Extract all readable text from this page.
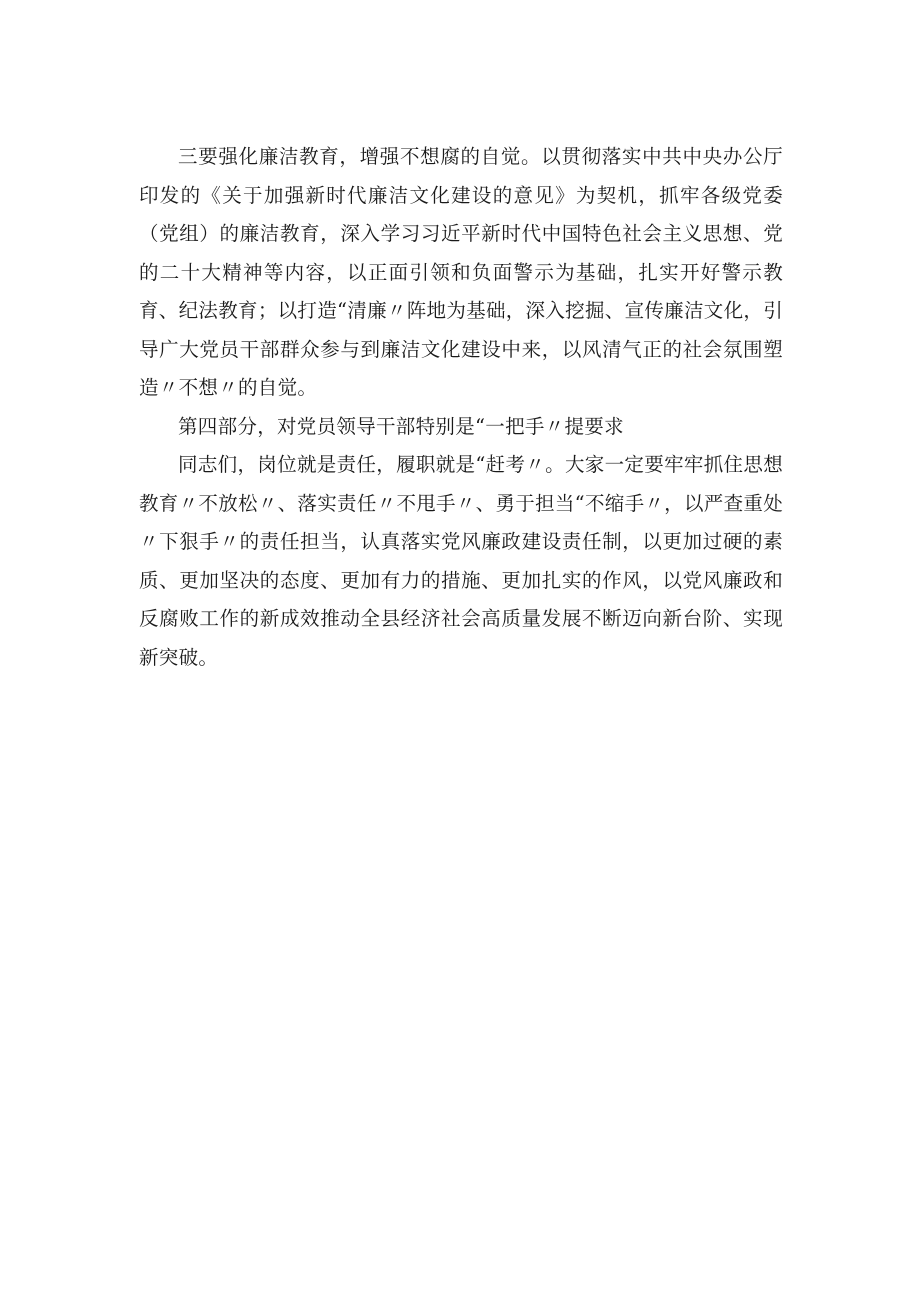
三要强化廉洁教育，增强不想腐的自觉。以贯彻落实中共中央办公厅印发的《关于加强新时代廉洁文化建设的意见》为契机，抓牢各级党委（党组）的廉洁教育，深入学习习近平新时代中国特色社会主义思想、党的二十大精神等内容，以正面引领和负面警示为基础，扎实开好警示教育、纪法教育；以打造“清廉〃阵地为基础，深入挖掘、宣传廉洁文化，引导广大党员干部群众参与到廉洁文化建设中来，以风清气正的社会氛围塑造〃不想〃的自觉。

第四部分，对党员领导干部特别是“一把手〃提要求

同志们，岗位就是责任，履职就是“赶考〃。大家一定要牢牢抓住思想教育〃不放松〃、落实责任〃不甩手〃、勇于担当“不缩手〃，以严查重处〃下狠手〃的责任担当，认真落实党风廉政建设责任制，以更加过硬的素质、更加坚决的态度、更加有力的措施、更加扎实的作风，以党风廉政和反腐败工作的新成效推动全县经济社会高质量发展不断迈向新台阶、实现新突破。
